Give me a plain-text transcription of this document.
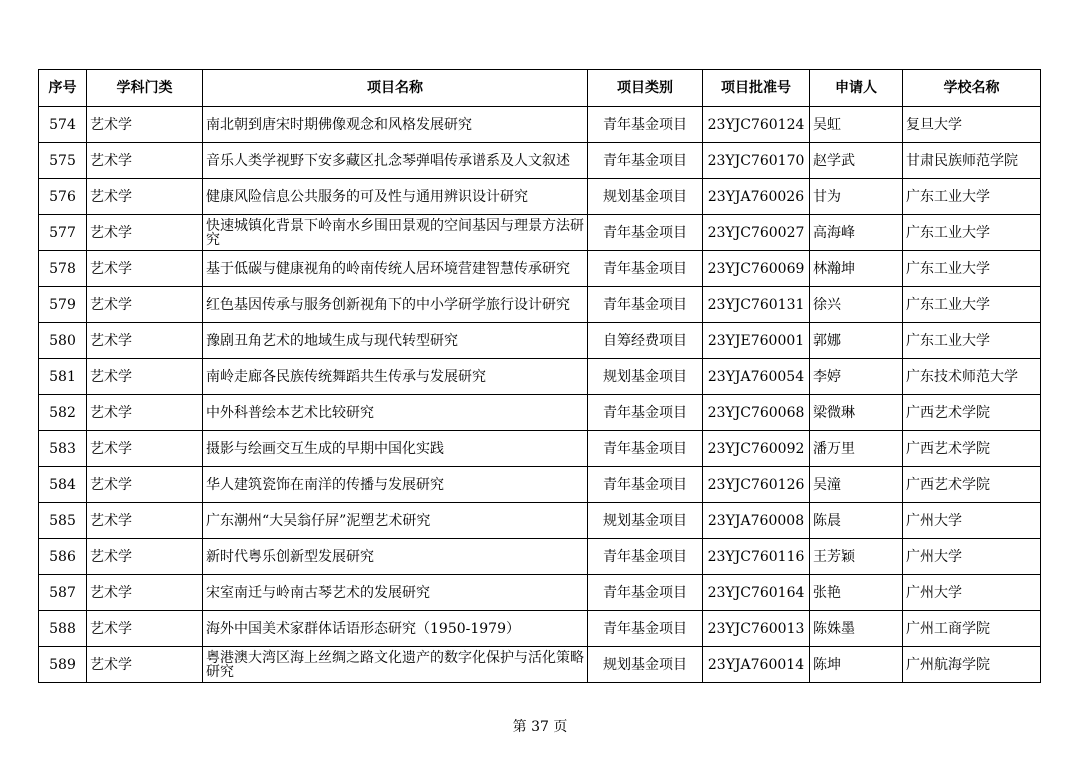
序号	学科门类	项目名称	项目类别	项目批准号	申请人	学校名称
574	艺术学	南北朝到唐宋时期佛像观念和风格发展研究	青年基金项目	23YJC760124	吴虹	复旦大学
575	艺术学	音乐人类学视野下安多藏区扎念琴弹唱传承谱系及人文叙述	青年基金项目	23YJC760170	赵学武	甘肃民族师范学院
576	艺术学	健康风险信息公共服务的可及性与通用辨识设计研究	规划基金项目	23YJA760026	甘为	广东工业大学
577	艺术学	快速城镇化背景下岭南水乡围田景观的空间基因与理景方法研究	青年基金项目	23YJC760027	高海峰	广东工业大学
578	艺术学	基于低碳与健康视角的岭南传统人居环境营建智慧传承研究	青年基金项目	23YJC760069	林瀚坤	广东工业大学
579	艺术学	红色基因传承与服务创新视角下的中小学研学旅行设计研究	青年基金项目	23YJC760131	徐兴	广东工业大学
580	艺术学	豫剧丑角艺术的地域生成与现代转型研究	自筹经费项目	23YJE760001	郭娜	广东工业大学
581	艺术学	南岭走廊各民族传统舞蹈共生传承与发展研究	规划基金项目	23YJA760054	李婷	广东技术师范大学
582	艺术学	中外科普绘本艺术比较研究	青年基金项目	23YJC760068	梁微琳	广西艺术学院
583	艺术学	摄影与绘画交互生成的早期中国化实践	青年基金项目	23YJC760092	潘万里	广西艺术学院
584	艺术学	华人建筑瓷饰在南洋的传播与发展研究	青年基金项目	23YJC760126	吴潼	广西艺术学院
585	艺术学	广东潮州“大吴翁仔屏”泥塑艺术研究	规划基金项目	23YJA760008	陈晨	广州大学
586	艺术学	新时代粤乐创新型发展研究	青年基金项目	23YJC760116	王芳颖	广州大学
587	艺术学	宋室南迁与岭南古琴艺术的发展研究	青年基金项目	23YJC760164	张艳	广州大学
588	艺术学	海外中国美术家群体话语形态研究（1950-1979）	青年基金项目	23YJC760013	陈姝墨	广州工商学院
589	艺术学	粤港澳大湾区海上丝绸之路文化遗产的数字化保护与活化策略研究	规划基金项目	23YJA760014	陈坤	广州航海学院
第 37 页
